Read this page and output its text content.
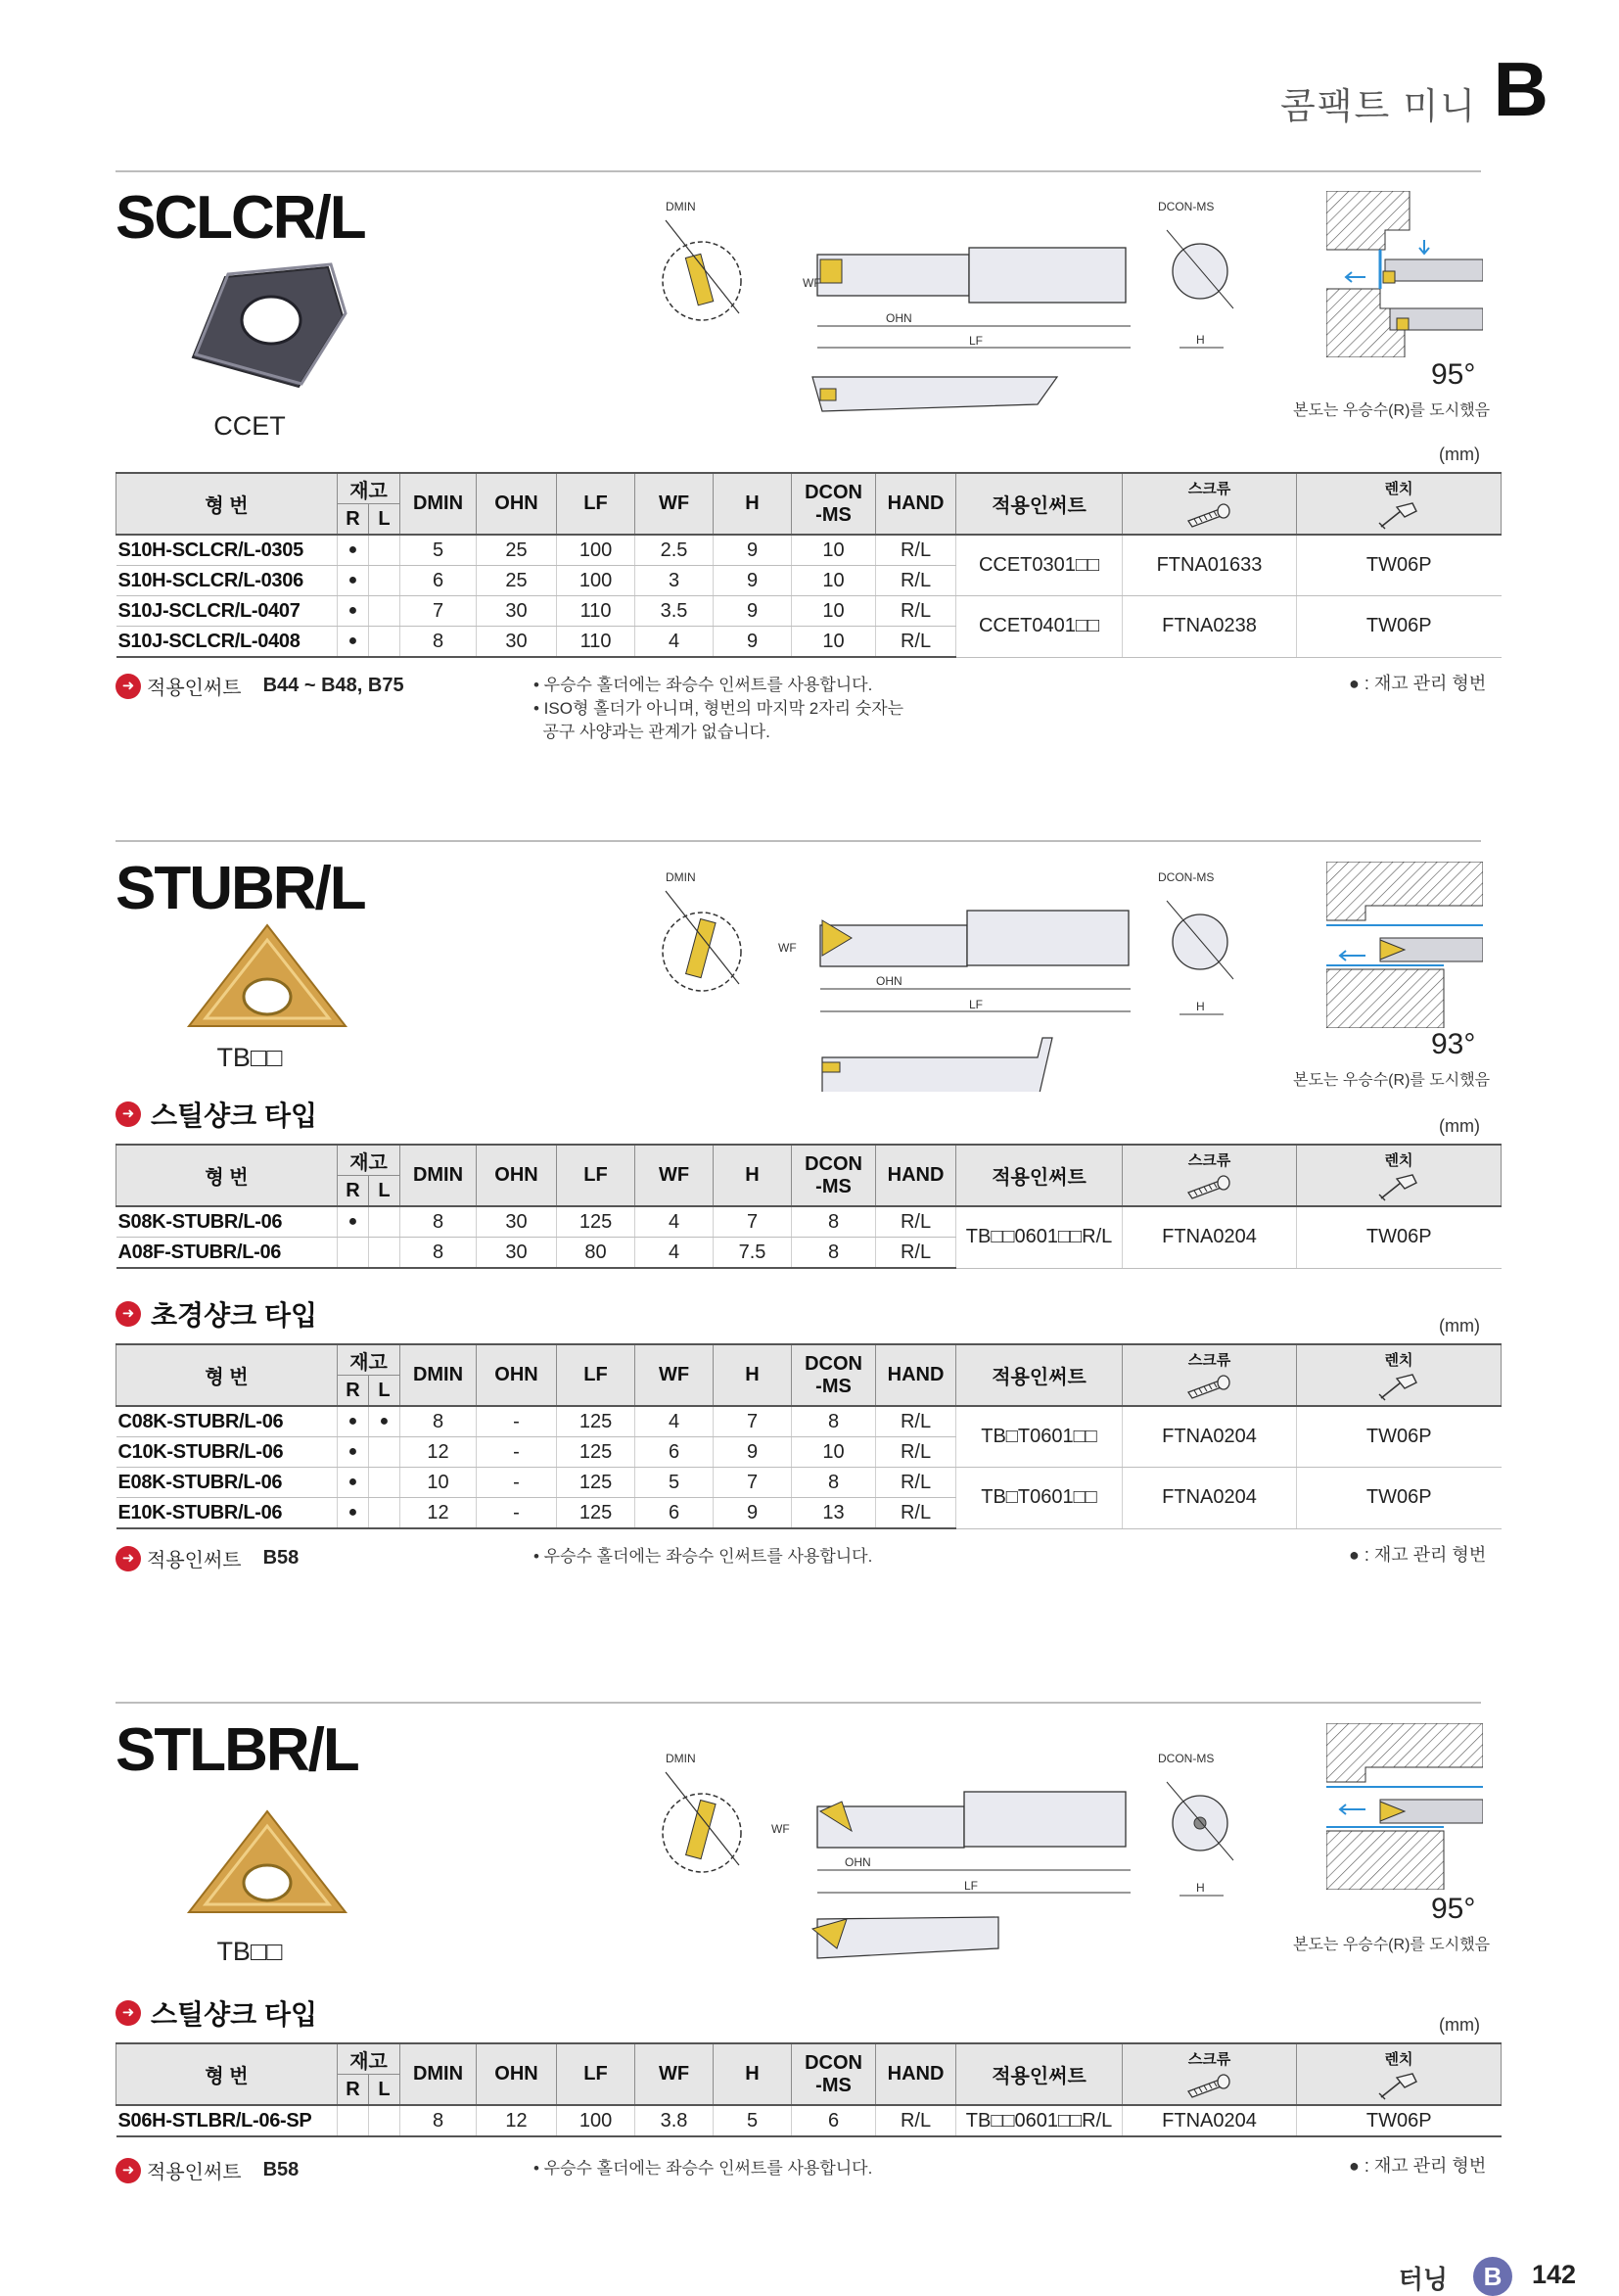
콤팩트 미니 B
SCLCR/L
CCET
DMIN	DCON-MS
WF
OHN
LF	H
95°
본도는 우승수(R)를 도시했음
(mm)
형 번	재고		DMIN	OHN	LF	WF	H	DCON
-MS	HAND	적용인써트	스크류	렌치

	R	L										
S10H-SCLCR/L-0305	●		5	25	100	2.5	9	10	R/L	CCET0301□□	FTNA01633	TW06P
S10H-SCLCR/L-0306	●		6	25	100	3	9	10	R/L			
S10J-SCLCR/L-0407	●		7	30	110	3.5	9	10	R/L	CCET0401□□	FTNA0238	TW06P
S10J-SCLCR/L-0408	●		8	30	110	4	9	10	R/L			
➜ 적용인써트 B44 ~ B48, B75	• 우승수 홀더에는 좌승수 인써트를 사용합니다.
• ISO형 홀더가 아니며, 형번의 마지막 2자리 숫자는
공구 사양과는 관계가 없습니다.
● : 재고 관리 형번
STUBR/L
TB□□
DMIN	DCON-MS
WF
OHN
LF	H
93°
본도는 우승수(R)를 도시했음
➜ 스틸샹크 타입	(mm)
형 번	재고		DMIN	OHN	LF	WF	H	DCON
-MS	HAND	적용인써트	스크류	렌치

	R	L										
S08K-STUBR/L-06	●		8	30	125	4	7	8	R/L	TB□□0601□□R/L	FTNA0204	TW06P
A08F-STUBR/L-06			8	30	80	4	7.5	8	R/L			
➜ 초경샹크 타입	(mm)
형 번	재고		DMIN	OHN	LF	WF	H	DCON
-MS	HAND	적용인써트	스크류	렌치

	R	L										
C08K-STUBR/L-06	●	●	8	-	125	4	7	8	R/L	TB□T0601□□	FTNA0204	TW06P
C10K-STUBR/L-06	●		12	-	125	6	9	10	R/L			
E08K-STUBR/L-06	●		10	-	125	5	7	8	R/L	TB□T0601□□	FTNA0204	TW06P
E10K-STUBR/L-06	●		12	-	125	6	9	13	R/L			
➜ 적용인써트 B58	• 우승수 홀더에는 좌승수 인써트를 사용합니다.	● : 재고 관리 형번
STLBR/L
TB□□
DMIN	DCON-MS
WF
OHN
LF	H
95°
본도는 우승수(R)를 도시했음
➜ 스틸샹크 타입	(mm)
형 번	재고		DMIN	OHN	LF	WF	H	DCON
-MS	HAND	적용인써트	스크류	렌치

	R	L										
S06H-STLBR/L-06-SP			8	12	100	3.8	5	6	R/L	TB□□0601□□R/L	FTNA0204	TW06P
➜ 적용인써트 B58	• 우승수 홀더에는 좌승수 인써트를 사용합니다.	● : 재고 관리 형번
터닝	B	142
